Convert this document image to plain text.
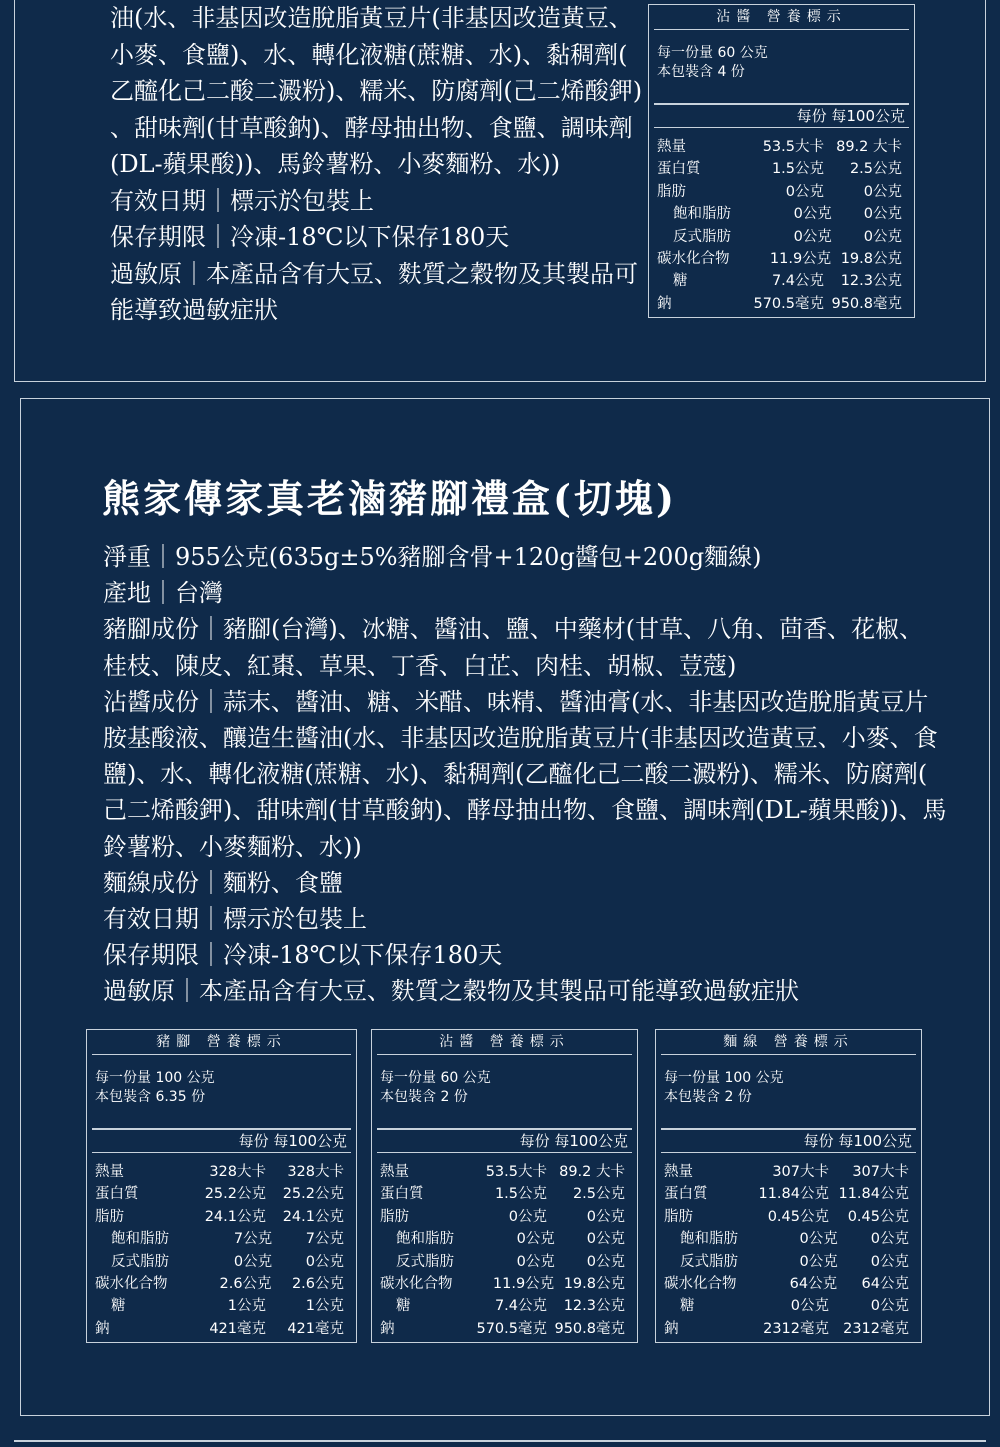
油(水、非基因改造脫脂黃豆片(非基因改造黃豆、
小麥、食鹽)、水、轉化液糖(蔗糖、水)、黏稠劑(
乙醯化己二酸二澱粉)、糯米、防腐劑(己二烯酸鉀)
、甜味劑(甘草酸鈉)、酵母抽出物、食鹽、調味劑
(DL-蘋果酸))、馬鈴薯粉、小麥麵粉、水))
有效日期｜標示於包裝上
保存期限｜冷凍-18℃以下保存180天
過敏原｜本產品含有大豆、麩質之穀物及其製品可
能導致過敏症狀
沾醬 營養標示
每一份量 60 公克
本包裝含 4 份
每份 每100公克
熱量	53.5大卡 89.2 大卡
蛋白質	1.5公克	2.5公克
脂肪	0公克	0公克
飽和脂肪	0公克	0公克
反式脂肪	0公克	0公克
碳水化合物	11.9公克 19.8公克
糖	7.4公克	12.3公克
鈉	570.5毫克 950.8毫克
熊家傳家真老滷豬腳禮盒(切塊)
淨重｜955公克(635g±5%豬腳含骨+120g醬包+200g麵線)
產地｜台灣
豬腳成份｜豬腳(台灣)、冰糖、醬油、鹽、中藥材(甘草、八角、茴香、花椒、
桂枝、陳皮、紅棗、草果、丁香、白芷、肉桂、胡椒、荳蔻)
沾醬成份｜蒜末、醬油、糖、米醋、味精、醬油膏(水、非基因改造脫脂黃豆片
胺基酸液、釀造生醬油(水、非基因改造脫脂黃豆片(非基因改造黃豆、小麥、食
鹽)、水、轉化液糖(蔗糖、水)、黏稠劑(乙醯化己二酸二澱粉)、糯米、防腐劑(
己二烯酸鉀)、甜味劑(甘草酸鈉)、酵母抽出物、食鹽、調味劑(DL-蘋果酸))、馬
鈴薯粉、小麥麵粉、水))
麵線成份｜麵粉、食鹽
有效日期｜標示於包裝上
保存期限｜冷凍-18℃以下保存180天
過敏原｜本產品含有大豆、麩質之穀物及其製品可能導致過敏症狀
豬腳 營養標示
每一份量 100 公克
本包裝含 6.35 份
每份 每100公克
熱量	328大卡	328大卡
蛋白質	25.2公克	25.2公克
脂肪	24.1公克	24.1公克
飽和脂肪	7公克	7公克
反式脂肪	0公克	0公克
碳水化合物	2.6公克	2.6公克
糖	1公克	1公克
鈉	421毫克	421毫克
沾醬 營養標示
每一份量 60 公克
本包裝含 2 份
每份 每100公克
熱量	53.5大卡 89.2 大卡
蛋白質	1.5公克	2.5公克
脂肪	0公克	0公克
飽和脂肪	0公克	0公克
反式脂肪	0公克	0公克
碳水化合物	11.9公克 19.8公克
糖	7.4公克	12.3公克
鈉	570.5毫克 950.8毫克
麵線 營養標示
每一份量 100 公克
本包裝含 2 份
每份 每100公克
熱量	307大卡	307大卡
蛋白質	11.84公克 11.84公克
脂肪	0.45公克	0.45公克
飽和脂肪	0公克	0公克
反式脂肪	0公克	0公克
碳水化合物	64公克	64公克
糖	0公克	0公克
鈉	2312毫克 2312毫克
